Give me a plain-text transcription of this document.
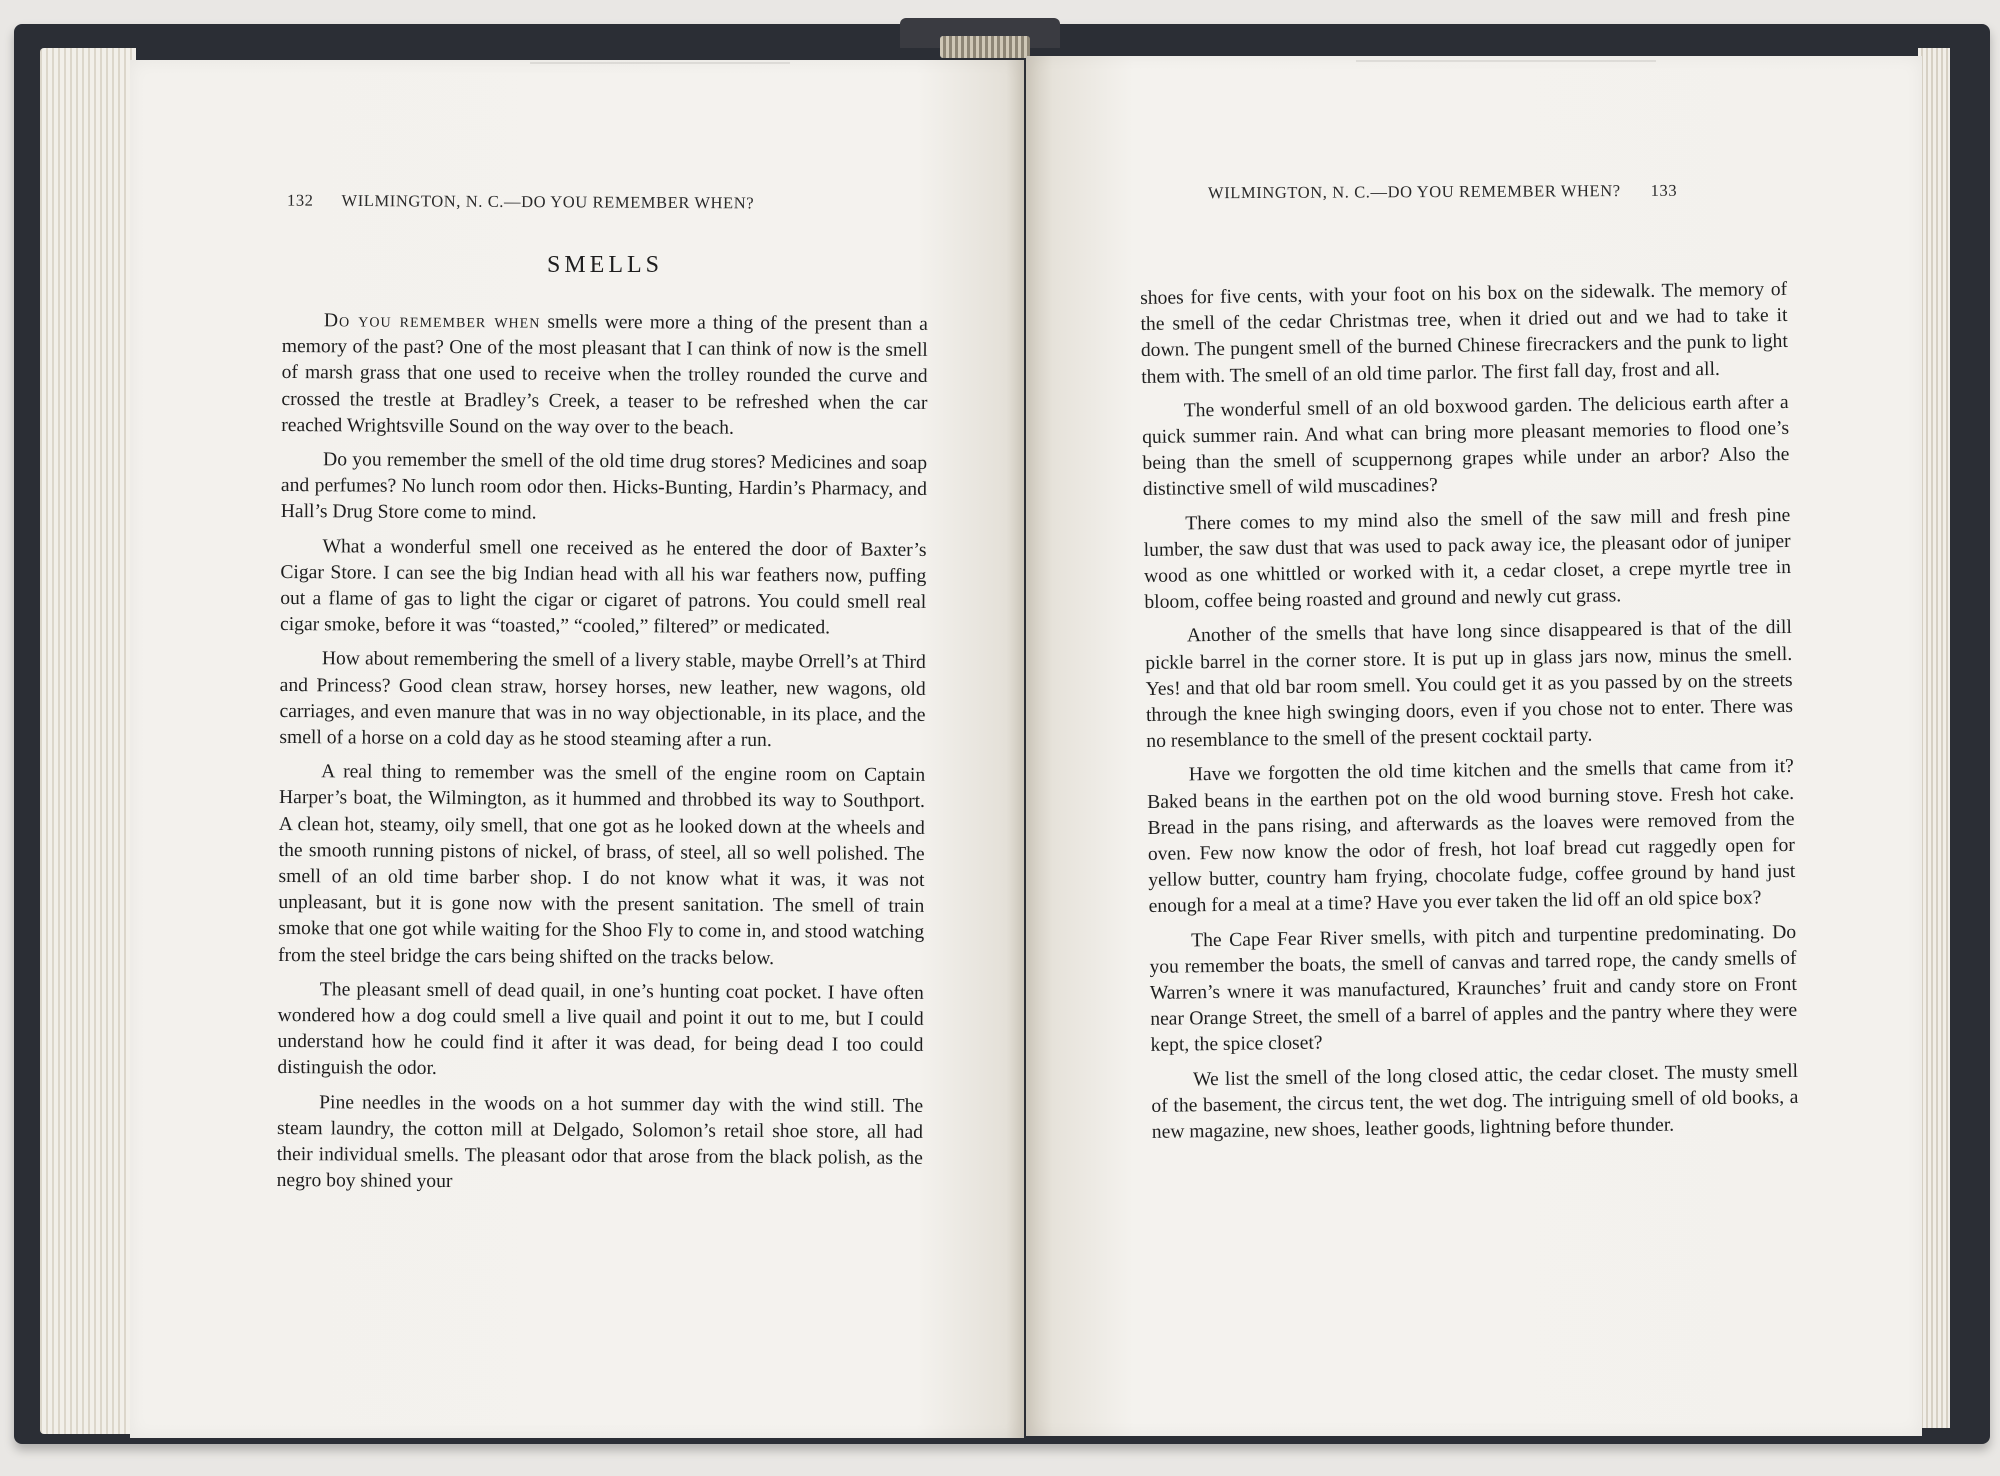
132 WILMINGTON, N. C.—DO YOU REMEMBER WHEN?
SMELLS

Do you remember when smells were more a thing of the present than a memory of the past? One of the most pleasant that I can think of now is the smell of marsh grass that one used to receive when the trolley rounded the curve and crossed the trestle at Bradley’s Creek, a teaser to be refreshed when the car reached Wrightsville Sound on the way over to the beach.

Do you remember the smell of the old time drug stores? Medicines and soap and perfumes? No lunch room odor then. Hicks-Bunting, Hardin’s Pharmacy, and Hall’s Drug Store come to mind.

What a wonderful smell one received as he entered the door of Baxter’s Cigar Store. I can see the big Indian head with all his war feathers now, puffing out a flame of gas to light the cigar or cigaret of patrons. You could smell real cigar smoke, before it was “toasted,” “cooled,” filtered” or medicated.

How about remembering the smell of a livery stable, maybe Orrell’s at Third and Princess? Good clean straw, horsey horses, new leather, new wagons, old carriages, and even manure that was in no way objectionable, in its place, and the smell of a horse on a cold day as he stood steaming after a run.

A real thing to remember was the smell of the engine room on Captain Harper’s boat, the Wilmington, as it hummed and throbbed its way to Southport. A clean hot, steamy, oily smell, that one got as he looked down at the wheels and the smooth running pistons of nickel, of brass, of steel, all so well polished. The smell of an old time barber shop. I do not know what it was, it was not unpleasant, but it is gone now with the present sanitation. The smell of train smoke that one got while waiting for the Shoo Fly to come in, and stood watching from the steel bridge the cars being shifted on the tracks below.

The pleasant smell of dead quail, in one’s hunting coat pocket. I have often wondered how a dog could smell a live quail and point it out to me, but I could understand how he could find it after it was dead, for being dead I too could distinguish the odor.

Pine needles in the woods on a hot summer day with the wind still. The steam laundry, the cotton mill at Delgado, Solomon’s retail shoe store, all had their individual smells. The pleasant odor that arose from the black polish, as the negro boy shined your

WILMINGTON, N. C.—DO YOU REMEMBER WHEN? 133

shoes for five cents, with your foot on his box on the sidewalk. The memory of the smell of the cedar Christmas tree, when it dried out and we had to take it down. The pungent smell of the burned Chinese firecrackers and the punk to light them with. The smell of an old time parlor. The first fall day, frost and all.

The wonderful smell of an old boxwood garden. The delicious earth after a quick summer rain. And what can bring more pleasant memories to flood one’s being than the smell of scuppernong grapes while under an arbor? Also the distinctive smell of wild muscadines?

There comes to my mind also the smell of the saw mill and fresh pine lumber, the saw dust that was used to pack away ice, the pleasant odor of juniper wood as one whittled or worked with it, a cedar closet, a crepe myrtle tree in bloom, coffee being roasted and ground and newly cut grass.

Another of the smells that have long since disappeared is that of the dill pickle barrel in the corner store. It is put up in glass jars now, minus the smell. Yes! and that old bar room smell. You could get it as you passed by on the streets through the knee high swinging doors, even if you chose not to enter. There was no resemblance to the smell of the present cocktail party.

Have we forgotten the old time kitchen and the smells that came from it? Baked beans in the earthen pot on the old wood burning stove. Fresh hot cake. Bread in the pans rising, and afterwards as the loaves were removed from the oven. Few now know the odor of fresh, hot loaf bread cut raggedly open for yellow butter, country ham frying, chocolate fudge, coffee ground by hand just enough for a meal at a time? Have you ever taken the lid off an old spice box?

The Cape Fear River smells, with pitch and turpentine predominating. Do you remember the boats, the smell of canvas and tarred rope, the candy smells of Warren’s wnere it was manufactured, Kraunches’ fruit and candy store on Front near Orange Street, the smell of a barrel of apples and the pantry where they were kept, the spice closet?

We list the smell of the long closed attic, the cedar closet. The musty smell of the basement, the circus tent, the wet dog. The intriguing smell of old books, a new magazine, new shoes, leather goods, lightning before thunder.
